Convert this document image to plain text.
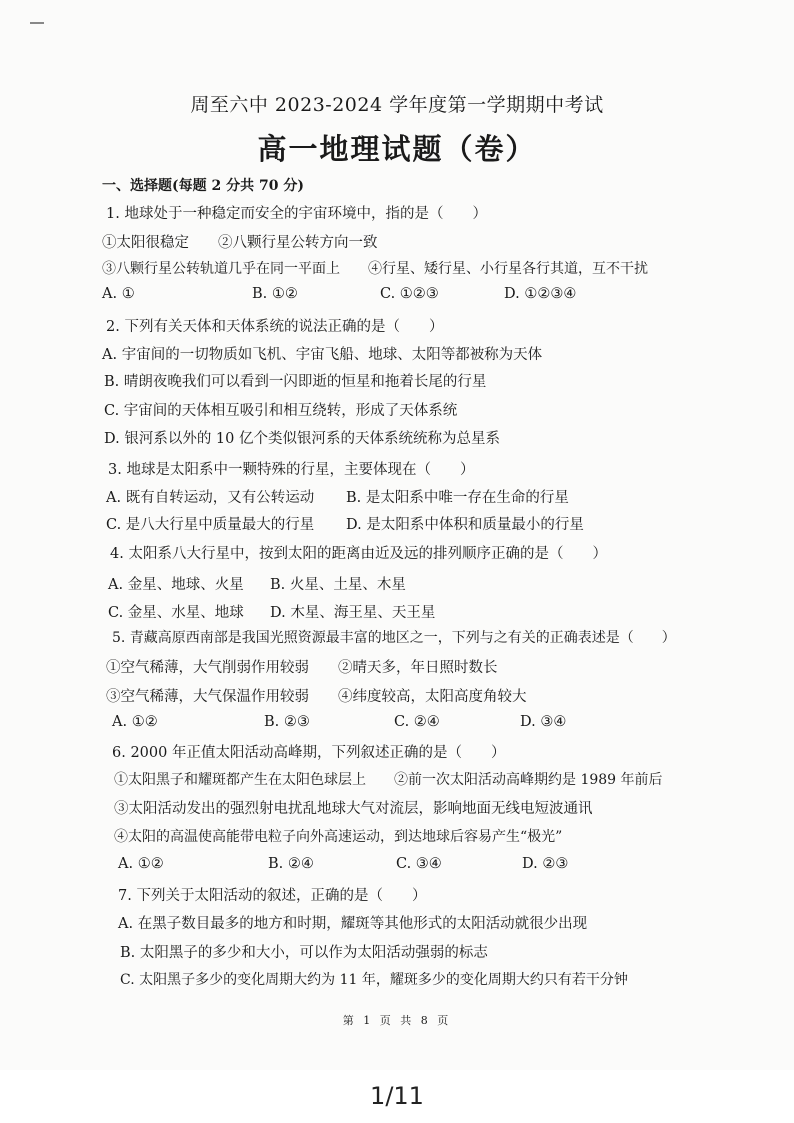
周至六中 2023-2024 学年度第一学期期中考试
高一地理试题（卷）
一、选择题(每题 2 分共 70 分)
1. 地球处于一种稳定而安全的宇宙环境中，指的是（　　）
①太阳很稳定　　②八颗行星公转方向一致
③八颗行星公转轨道几乎在同一平面上　　④行星、矮行星、小行星各行其道，互不干扰
A. ①	B. ①②	C. ①②③	D. ①②③④
2. 下列有关天体和天体系统的说法正确的是（　　）
A. 宇宙间的一切物质如飞机、宇宙飞船、地球、太阳等都被称为天体
B. 晴朗夜晚我们可以看到一闪即逝的恒星和拖着长尾的行星
C. 宇宙间的天体相互吸引和相互绕转，形成了天体系统
D. 银河系以外的 10 亿个类似银河系的天体系统统称为总星系
3. 地球是太阳系中一颗特殊的行星，主要体现在（　　）
A. 既有自转运动，又有公转运动 B. 是太阳系中唯一存在生命的行星
C. 是八大行星中质量最大的行星 D. 是太阳系中体积和质量最小的行星
4. 太阳系八大行星中，按到太阳的距离由近及远的排列顺序正确的是（　　）
A. 金星、地球、火星 B. 火星、土星、木星
C. 金星、水星、地球 D. 木星、海王星、天王星
5. 青藏高原西南部是我国光照资源最丰富的地区之一，下列与之有关的正确表述是（　　）
①空气稀薄，大气削弱作用较弱　　②晴天多，年日照时数长
③空气稀薄，大气保温作用较弱　　④纬度较高，太阳高度角较大
A. ①②	B. ②③	C. ②④	D. ③④
6. 2000 年正值太阳活动高峰期，下列叙述正确的是（　　）
①太阳黑子和耀斑都产生在太阳色球层上　　②前一次太阳活动高峰期约是 1989 年前后
③太阳活动发出的强烈射电扰乱地球大气对流层，影响地面无线电短波通讯
④太阳的高温使高能带电粒子向外高速运动，到达地球后容易产生“极光”
A. ①②	B. ②④	C. ③④	D. ②③
7. 下列关于太阳活动的叙述，正确的是（　　）
A. 在黑子数目最多的地方和时期，耀斑等其他形式的太阳活动就很少出现
B. 太阳黑子的多少和大小，可以作为太阳活动强弱的标志
C. 太阳黑子多少的变化周期大约为 11 年，耀斑多少的变化周期大约只有若干分钟
第 1 页 共 8 页
1/11
